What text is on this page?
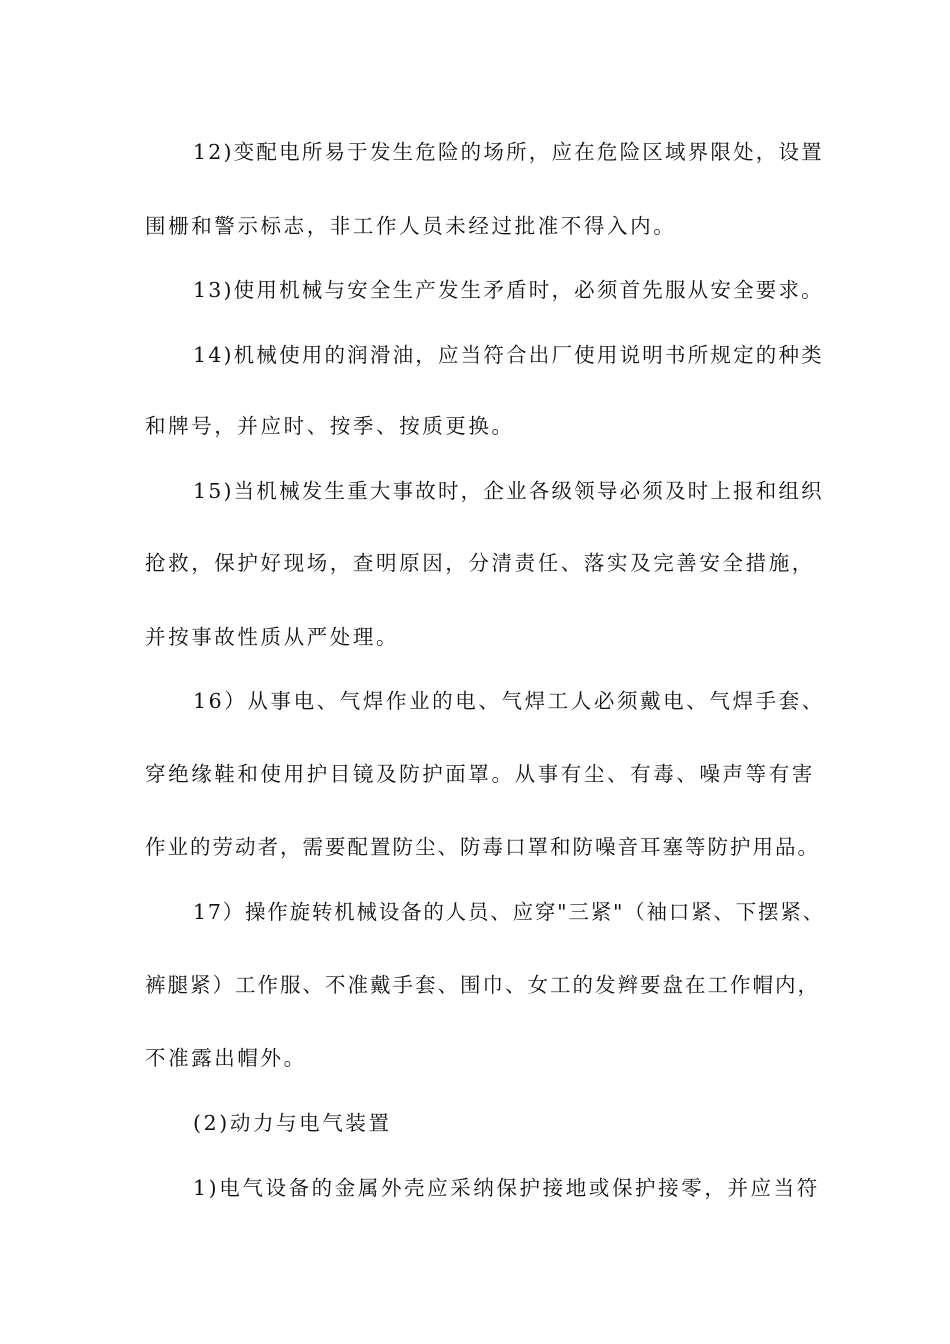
12)变配电所易于发生危险的场所，应在危险区域界限处，设置

围栅和警示标志，非工作人员未经过批准不得入内。

13)使用机械与安全生产发生矛盾时，必须首先服从安全要求。

14)机械使用的润滑油，应当符合出厂使用说明书所规定的种类

和牌号，并应时、按季、按质更换。

15)当机械发生重大事故时，企业各级领导必须及时上报和组织

抢救，保护好现场，查明原因，分清责任、落实及完善安全措施，

并按事故性质从严处理。

16）从事电、气焊作业的电、气焊工人必须戴电、气焊手套、

穿绝缘鞋和使用护目镜及防护面罩。从事有尘、有毒、噪声等有害

作业的劳动者，需要配置防尘、防毒口罩和防噪音耳塞等防护用品。

17）操作旋转机械设备的人员、应穿"三紧"（袖口紧、下摆紧、

裤腿紧）工作服、不准戴手套、围巾、女工的发辫要盘在工作帽内，

不准露出帽外。

(2)动力与电气装置

1)电气设备的金属外壳应采纳保护接地或保护接零，并应当符
